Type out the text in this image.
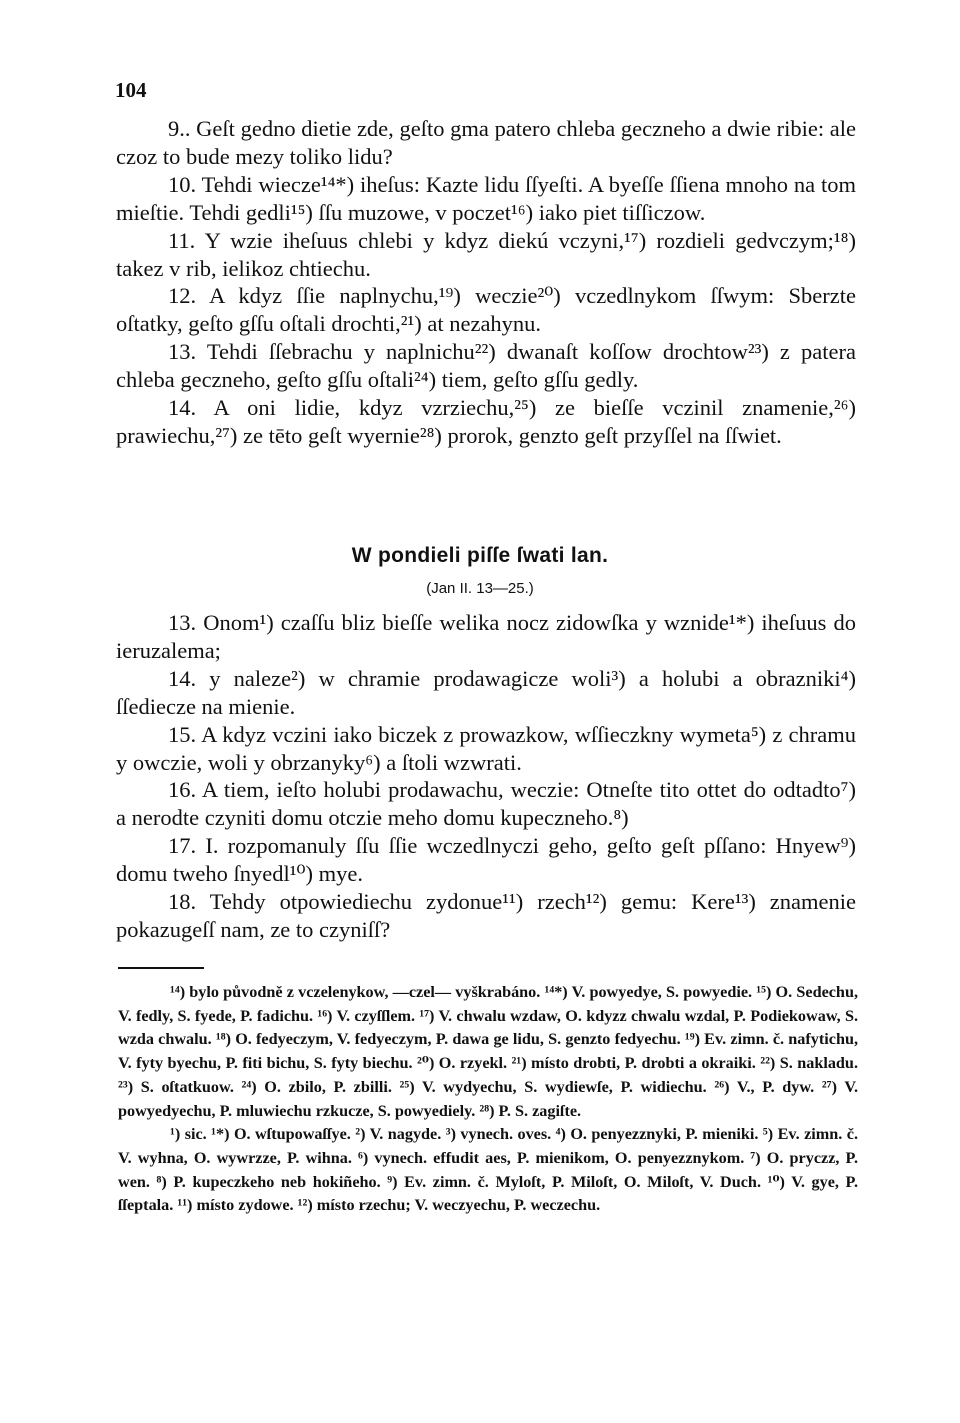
104

9.. Geſt gedno dietie zde, geſto gma patero chleba geczneho a dwie ribie: ale czoz to bude mezy toliko lidu?

10. Tehdi wiecze¹⁴*) iheſus: Kazte lidu ſſyeſti. A byeſſe ſſiena mnoho na tom mieſtie. Tehdi gedli¹⁵) ſſu muzowe, v poczet¹⁶) iako piet tiſſiczow.

11. Y wzie iheſuus chlebi y kdyz diekú vczyni,¹⁷) rozdieli gedvczym;¹⁸) takez v rib, ielikoz chtiechu.

12. A kdyz ſſie naplnychu,¹⁹) weczie²⁰) vczedlnykom ſſwym: Sberzte oſtatky, geſto gſſu oſtali drochti,²¹) at nezahynu.

13. Tehdi ſſebrachu y naplnichu²²) dwanaſt koſſow drochtow²³) z patera chleba geczneho, geſto gſſu oſtali²⁴) tiem, geſto gſſu gedly.

14. A oni lidie, kdyz vzrziechu,²⁵) ze bieſſe vczinil znamenie,²⁶) prawiechu,²⁷) ze tēto geſt wyernie²⁸) prorok, genzto geſt przyſſel na ſſwiet.

W pondieli piſſe ſwati lan.
(Jan II. 13—25.)

13. Onom¹) czaſſu bliz bieſſe welika nocz zidowſka y wznide¹*) iheſuus do ieruzalema;

14. y naleze²) w chramie prodawagicze woli³) a holubi a obrazniki⁴) ſſediecze na mienie.

15. A kdyz vczini iako biczek z prowazkow, wſſieczkny wymeta⁵) z chramu y owczie, woli y obrzanyky⁶) a ſtoli wzwrati.

16. A tiem, ieſto holubi prodawachu, weczie: Otneſte tito ottet do odtadto⁷) a nerodte czyniti domu otczie meho domu kupeczneho.⁸)

17. I. rozpomanuly ſſu ſſie wczedlnyczi geho, geſto geſt pſſano: Hnyew⁹) domu tweho ſnyedl¹⁰) mye.

18. Tehdy otpowiediechu zydonue¹¹) rzech¹²) gemu: Kere¹³) znamenie pokazugeſſ nam, ze to czyniſſ?

¹⁴) bylo původně z vczelenykow, —czel— vyškrabáno. ¹⁴*) V. powyedye, S. powyedie. ¹⁵) O. Sedechu, V. fedly, S. fyede, P. fadichu. ¹⁶) V. czyſſlem. ¹⁷) V. chwalu wzdaw, O. kdyzz chwalu wzdal, P. Podiekowaw, S. wzda chwalu. ¹⁸) O. fedyeczym, V. fedyeczym, P. dawa ge lidu, S. genzto fedyechu. ¹⁹) Ev. zimn. č. nafytichu, V. fyty byechu, P. fiti bichu, S. fyty biechu. ²⁰) O. rzyekl. ²¹) místo drobti, P. drobti a okraiki. ²²) S. nakladu. ²³) S. oſtatkuow. ²⁴) O. zbilo, P. zbilli. ²⁵) V. wydyechu, S. wydiewſe, P. widiechu. ²⁶) V., P. dyw. ²⁷) V. powyedyechu, P. mluwiechu rzkucze, S. powyediely. ²⁸) P. S. zagiſte.

¹) sic. ¹*) O. wſtupowaſſye. ²) V. nagyde. ³) vynech. oves. ⁴) O. penyezznyki, P. mieniki. ⁵) Ev. zimn. č. V. wyhna, O. wywrzze, P. wihna. ⁶) vynech. effudit aes, P. mienikom, O. penyezznykom. ⁷) O. pryczz, P. wen. ⁸) P. kupeczkeho neb hokiñeho. ⁹) Ev. zimn. č. Myloſt, P. Miloſt, O. Miloſt, V. Duch. ¹⁰) V. gye, P. ſſeptala. ¹¹) místo zydowe. ¹²) místo rzechu; V. weczyechu, P. weczechu.
